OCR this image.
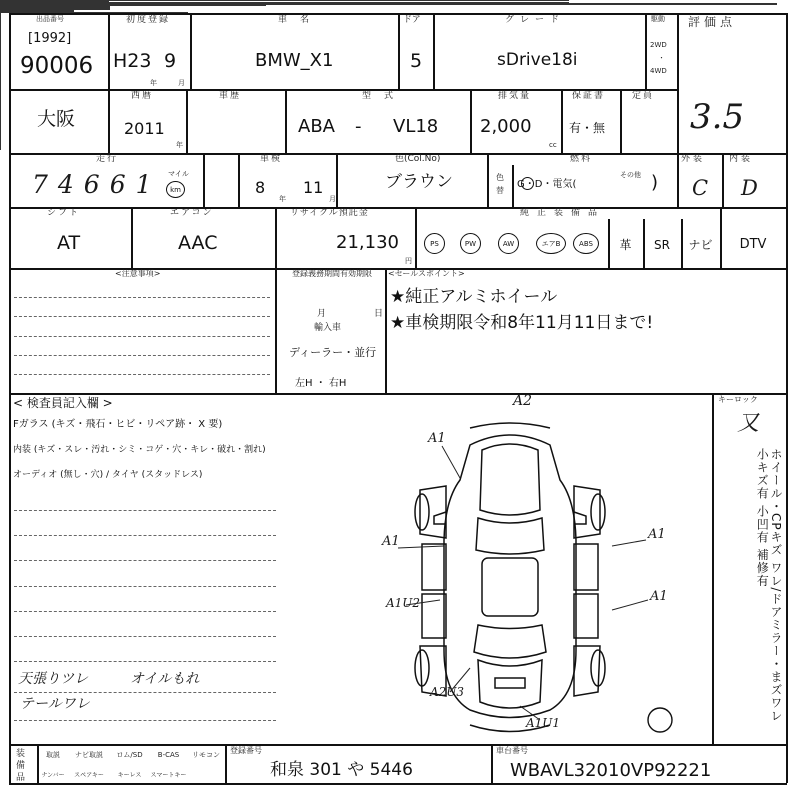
出品番号
[1992]
90006
初度登録
H23 9
年	月
車　名
BMW_X1
ドア
5
グレード
sDrive18i
駆動
2WD
・
4WD
評価点
3.5
大阪
西暦
2011
年
車歴	型　式
ABA - VL18
排気量
2,000
cc
保証書
有・無
定員
走行
74661 マイル
km
車検
8
年
11
月
色(Col.No)
ブラウン	色替
燃料
G・D・電気(
その他 )
外装	内装
C D
シフト
AT
エアコン
AAC
リサイクル預託金
21,130
円
純正装備品
PS	PW	AW	エアB	ABS	革	SR	ナビ	DTV
<注意事項>	登録義務期間有効期限
月	日
輸入車
ディーラー・並行
左H ・ 右H
<セールスポイント>
★純正アルミホイール
★車検期限令和8年11月11日まで!
< 検査員記入欄 >
Fガラス (キズ・飛石・ヒビ・リペア跡・ X 要)
内装 (キズ・スレ・汚れ・シミ・コゲ・穴・キレ・破れ・割れ)
オーディオ (無し・穴) / タイヤ (スタッドレス)
天張りツレ	オイルもれ
テールワレ
A2
A1
A1	A1
A1
A1U2
A2U3
A1U1
キーロック
又
ホイール・CPキズ ワレ/ドアミラー・まズワレ 小キズ有 小凹有 補修有
装備品
取説	ナビ取説	ロム/SD	B-CAS	リモコン
ナンバー	スペアキー	キーレス	スマートキー
登録番号
和泉 301 や 5446
車台番号
WBAVL32010VP92221
